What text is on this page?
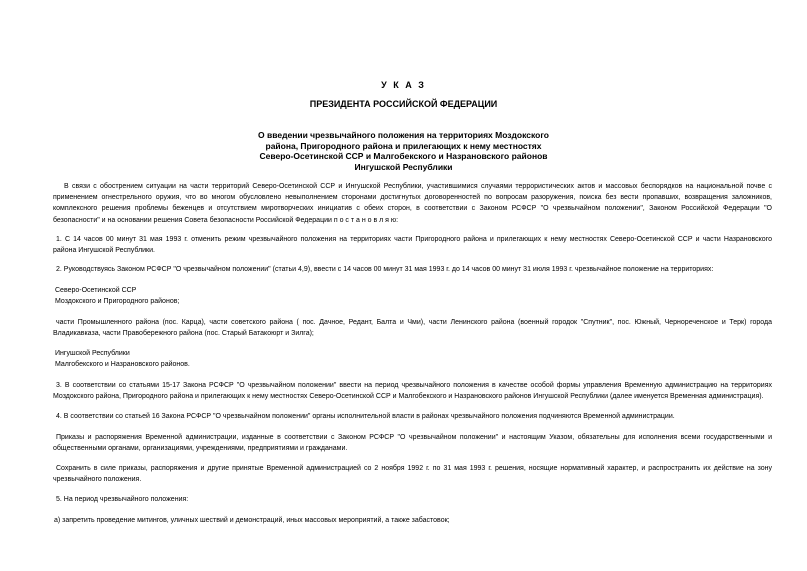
У К А З
ПРЕЗИДЕНТА РОССИЙСКОЙ ФЕДЕРАЦИИ
О введении чрезвычайного положения на территориях Моздокского
района, Пригородного района и прилегающих к нему местностях
Северо-Осетинской ССР и Малгобекского и Назрановского районов
Ингушской Республики
В связи с обострением ситуации на части территорий Северо-Осетинской ССР и Ингушской Республики, участившимися случаями террористических актов и массовых беспорядков на национальной почве с
применением огнестрельного оружия, что во многом обусловлено невыполнением сторонами достигнутых договоренностей по вопросам разоружения, поиска без вести пропавших, возвращения заложников,
комплексного решения проблемы беженцев и отсутствием миротворческих инициатив с обеих сторон, в соответствии с Законом РСФСР "О чрезвычайном положении", Законом Российской Федерации "О
безопасности" и на основании решения Совета безопасности Российской Федерации п о с т а н о в л я ю:
1. С 14 часов 00 минут 31 мая 1993 г. отменить режим чрезвычайного положения на территориях части Пригородного района и прилегающих к нему местностях Северо-Осетинской ССР и части Назрановского
района Ингушской Республики.
2. Руководствуясь Законом РСФСР "О чрезвычайном положении" (статьи 4,9), ввести с 14 часов 00 минут 31 мая 1993 г. до 14 часов 00 минут 31 июля 1993 г. чрезвычайное положение на территориях:
Северо-Осетинской ССР
Моздокского и Пригородного районов;
части Промышленного района (пос. Карца), части советского района ( пос. Дачное, Редант, Балта и Чми), части Ленинского района (военный городок "Спутник", пос. Южный, Чернореченское и Терк) города
Владикавказа, части Правобережного района (пос. Старый Батакоюрт и Зилга);
Ингушской Республики
Малгобекского и Назрановского районов.
3. В соответствии со статьями 15-17 Закона РСФСР "О чрезвычайном положении" ввести на период чрезвычайного положения в качестве особой формы управления Временную администрацию на территориях
Моздокского района, Пригородного района и прилегающих к нему местностях Северо-Осетинской ССР и Малгобекского и Назрановского районов Ингушской Республики (далее именуется Временная администрация).
4. В соответствии со статьей 16 Закона РСФСР "О чрезвычайном положении" органы исполнительной власти в районах чрезвычайного положения подчиняются Временной администрации.
Приказы и распоряжения Временной администрации, изданные в соответствии с Законом РСФСР "О чрезвычайном положении" и настоящим Указом, обязательны для исполнения всеми государственными и
общественными органами, организациями, учреждениями, предприятиями и гражданами.
Сохранить в силе приказы, распоряжения и другие принятые Временной администрацией со 2 ноября 1992 г. по 31 мая 1993 г. решения, носящие нормативный характер, и распространить их действие на зону
чрезвычайного положения.
5. На период чрезвычайного положения:
а) запретить проведение митингов, уличных шествий и демонстраций, иных массовых мероприятий, а также забастовок;
